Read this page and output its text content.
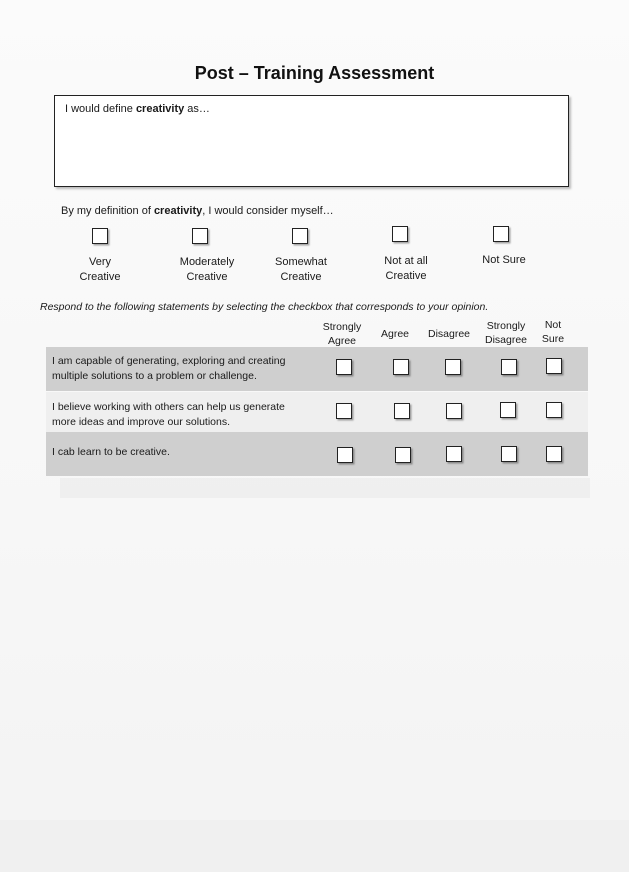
Post – Training Assessment
I would define creativity as…
By my definition of creativity, I would consider myself…
Very
Creative
Moderately
Creative
Somewhat
Creative
Not at all
Creative
Not Sure
Respond to the following statements by selecting the checkbox that corresponds to your opinion.
Strongly
Agree
Agree	Disagree
Strongly
Disagree
Not
Sure
I am capable of generating, exploring and creating
multiple solutions to a problem or challenge.
I believe working with others can help us generate
more ideas and improve our solutions.
I cab learn to be creative.
